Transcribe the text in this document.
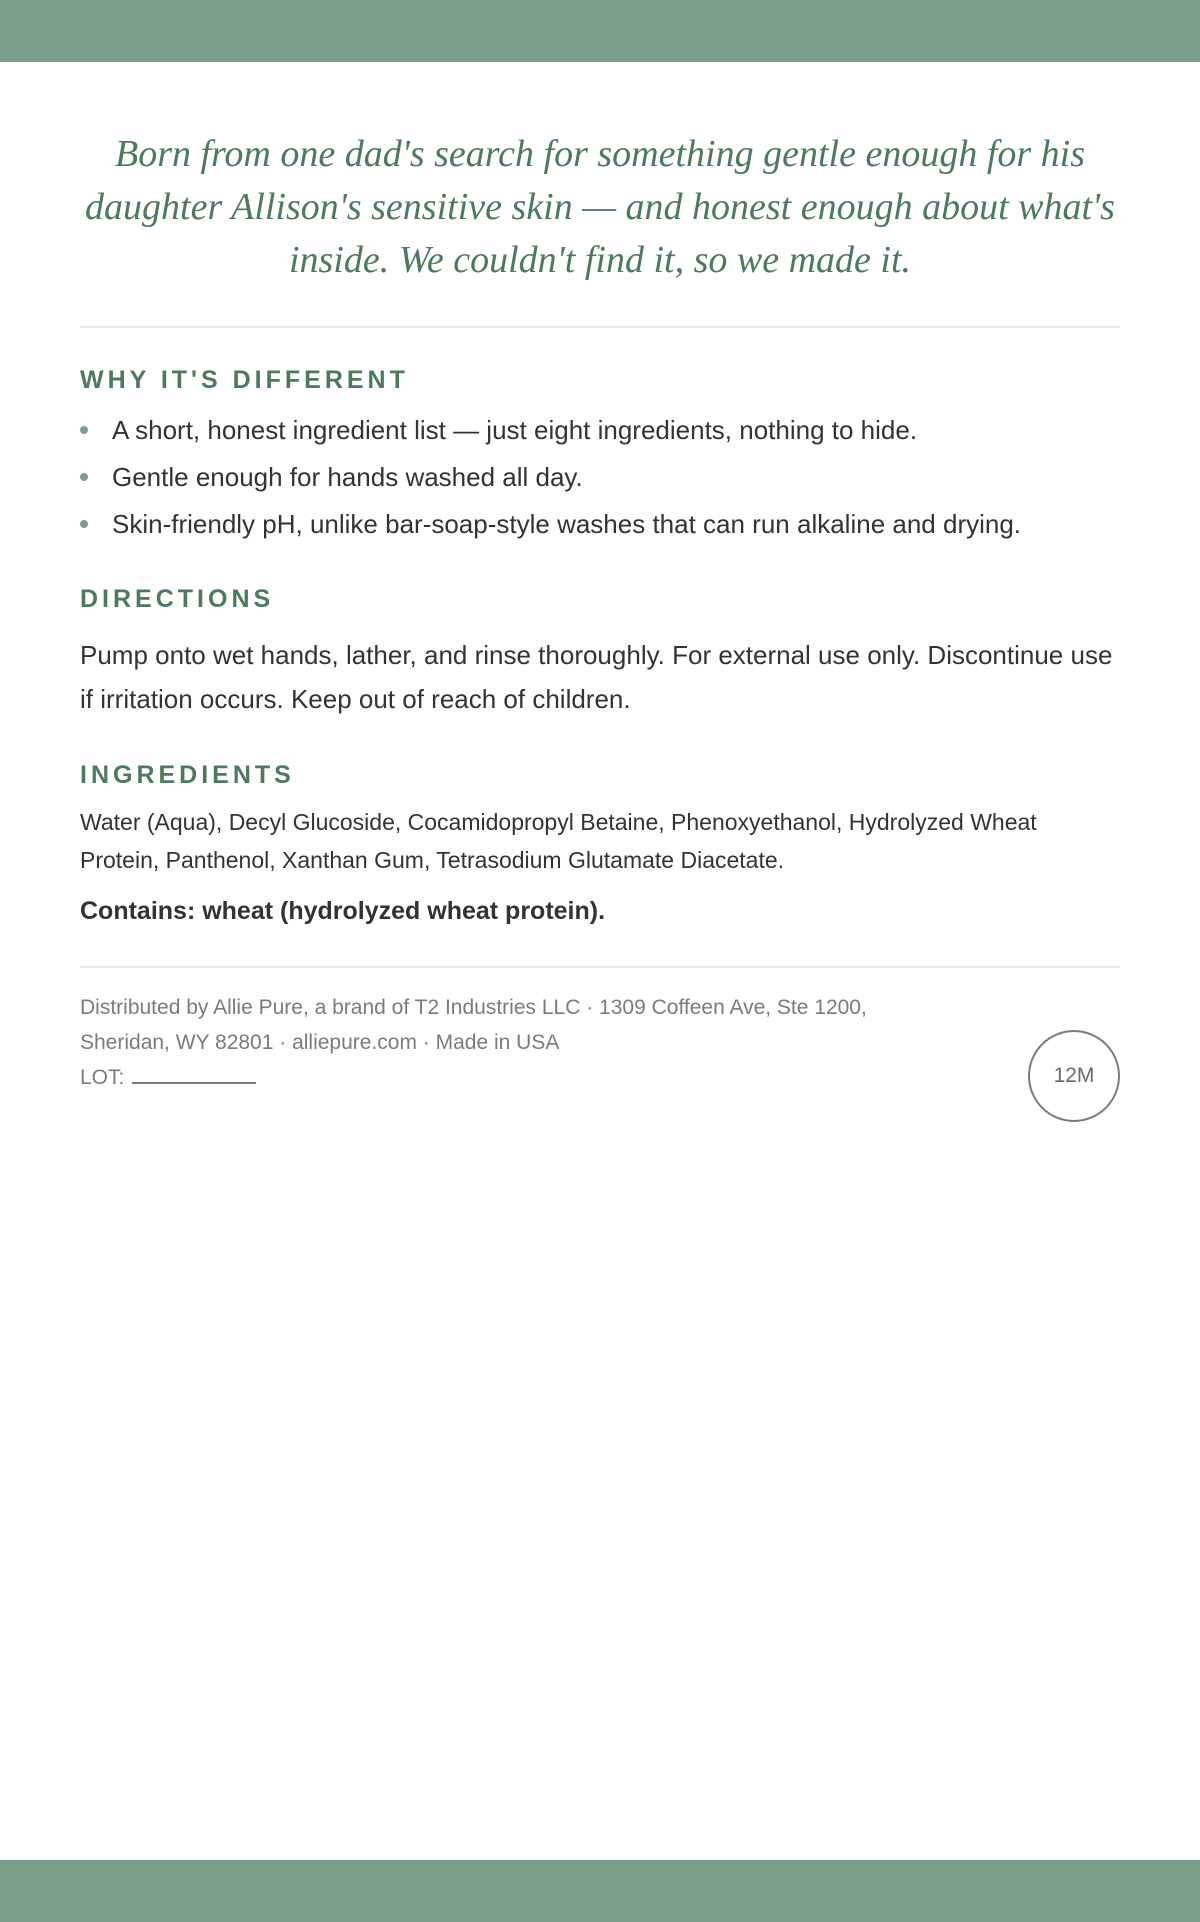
Born from one dad's search for something gentle enough for his daughter Allison's sensitive skin — and honest enough about what's inside. We couldn't find it, so we made it.

WHY IT'S DIFFERENT
A short, honest ingredient list — just eight ingredients, nothing to hide.
Gentle enough for hands washed all day.
Skin-friendly pH, unlike bar-soap-style washes that can run alkaline and drying.
DIRECTIONS

Pump onto wet hands, lather, and rinse thoroughly. For external use only. Discontinue use if irritation occurs. Keep out of reach of children.

INGREDIENTS

Water (Aqua), Decyl Glucoside, Cocamidopropyl Betaine, Phenoxyethanol, Hydrolyzed Wheat Protein, Panthenol, Xanthan Gum, Tetrasodium Glutamate Diacetate.

Contains: wheat (hydrolyzed wheat protein).

Distributed by Allie Pure, a brand of T2 Industries LLC · 1309 Coffeen Ave, Ste 1200,
Sheridan, WY 82801 · alliepure.com · Made in USA
LOT:	12M
